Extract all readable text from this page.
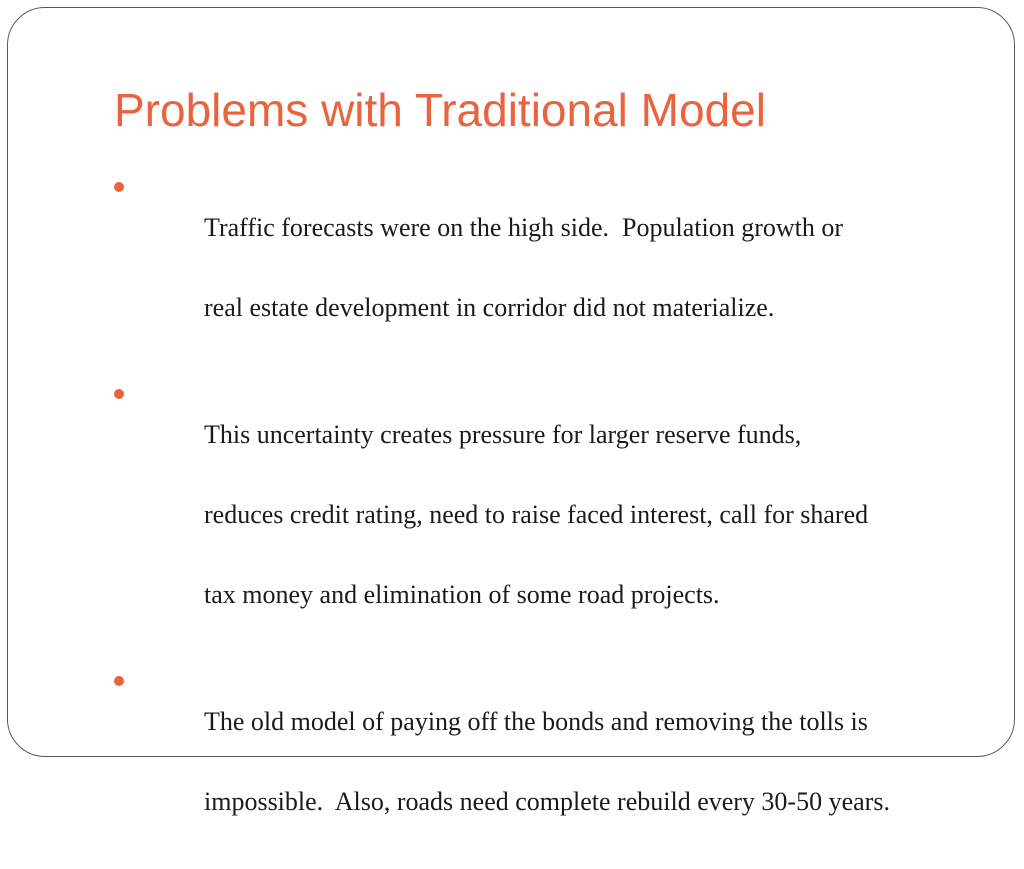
Problems with Traditional Model

Traffic forecasts were on the high side.  Population growth or

real estate development in corridor did not materialize.

This uncertainty creates pressure for larger reserve funds,

reduces credit rating, need to raise faced interest, call for shared

tax money and elimination of some road projects.

The old model of paying off the bonds and removing the tolls is

impossible.  Also, roads need complete rebuild every 30-50 years.
